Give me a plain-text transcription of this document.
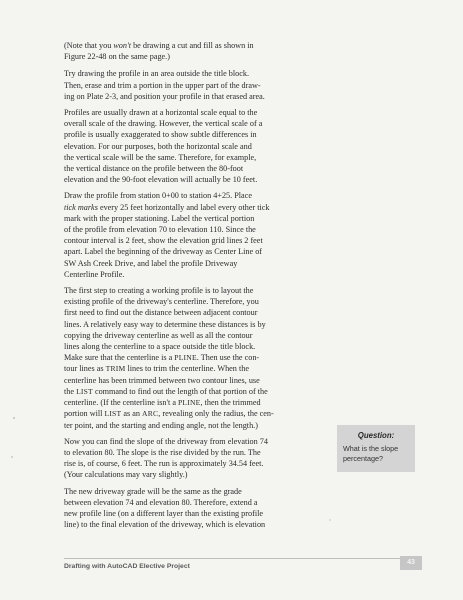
(Note that you won't be drawing a cut and fill as shown in
Figure 22-48 on the same page.)

Try drawing the profile in an area outside the title block.
Then, erase and trim a portion in the upper part of the draw-
ing on Plate 2-3, and position your profile in that erased area.

Profiles are usually drawn at a horizontal scale equal to the
overall scale of the drawing. However, the vertical scale of a
profile is usually exaggerated to show subtle differences in
elevation. For our purposes, both the horizontal scale and
the vertical scale will be the same. Therefore, for example,
the vertical distance on the profile between the 80-foot
elevation and the 90-foot elevation will actually be 10 feet.

Draw the profile from station 0+00 to station 4+25. Place
tick marks every 25 feet horizontally and label every other tick
mark with the proper stationing. Label the vertical portion
of the profile from elevation 70 to elevation 110. Since the
contour interval is 2 feet, show the elevation grid lines 2 feet
apart. Label the beginning of the driveway as Center Line of
SW Ash Creek Drive, and label the profile Driveway
Centerline Profile.

The first step to creating a working profile is to layout the
existing profile of the driveway's centerline. Therefore, you
first need to find out the distance between adjacent contour
lines. A relatively easy way to determine these distances is by
copying the driveway centerline as well as all the contour
lines along the centerline to a space outside the title block.
Make sure that the centerline is a PLINE. Then use the con-
tour lines as TRIM lines to trim the centerline. When the
centerline has been trimmed between two contour lines, use
the LIST command to find out the length of that portion of the
centerline. (If the centerline isn't a PLINE, then the trimmed
portion will LIST as an ARC, revealing only the radius, the cen-
ter point, and the starting and ending angle, not the length.)

Now you can find the slope of the driveway from elevation 74
to elevation 80. The slope is the rise divided by the run. The
rise is, of course, 6 feet. The run is approximately 34.54 feet.
(Your calculations may vary slightly.)

The new driveway grade will be the same as the grade
between elevation 74 and elevation 80. Therefore, extend a
new profile line (on a different layer than the existing profile
line) to the final elevation of the driveway, which is elevation

Question:
What is the slope
percentage?
Drafting with AutoCAD Elective Project
43
